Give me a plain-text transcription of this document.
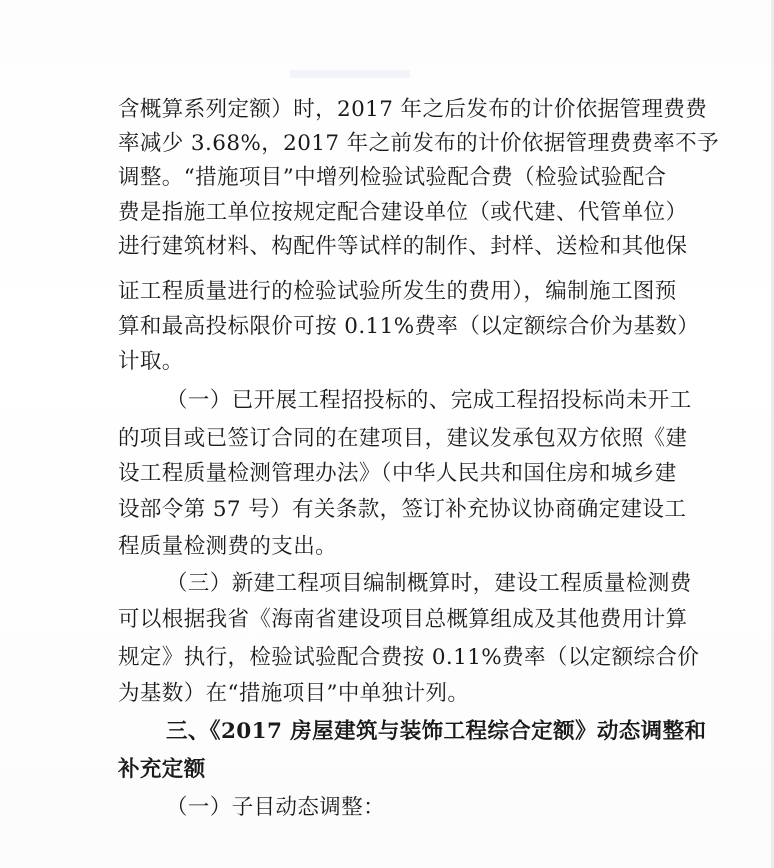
含概算系列定额）时，2017 年之后发布的计价依据管理费费
率减少 3.68%，2017 年之前发布的计价依据管理费费率不予
调整。“措施项目”中增列检验试验配合费（检验试验配合
费是指施工单位按规定配合建设单位（或代建、代管单位）
进行建筑材料、构配件等试样的制作、封样、送检和其他保
证工程质量进行的检验试验所发生的费用），编制施工图预
算和最高投标限价可按 0.11%费率（以定额综合价为基数）
计取。
（一）已开展工程招投标的、完成工程招投标尚未开工
的项目或已签订合同的在建项目，建议发承包双方依照《建
设工程质量检测管理办法》（中华人民共和国住房和城乡建
设部令第 57 号）有关条款，签订补充协议协商确定建设工
程质量检测费的支出。
（三）新建工程项目编制概算时，建设工程质量检测费
可以根据我省《海南省建设项目总概算组成及其他费用计算
规定》执行，检验试验配合费按 0.11%费率（以定额综合价
为基数）在“措施项目”中单独计列。
三、《2017 房屋建筑与装饰工程综合定额》动态调整和
补充定额
（一）子目动态调整：
